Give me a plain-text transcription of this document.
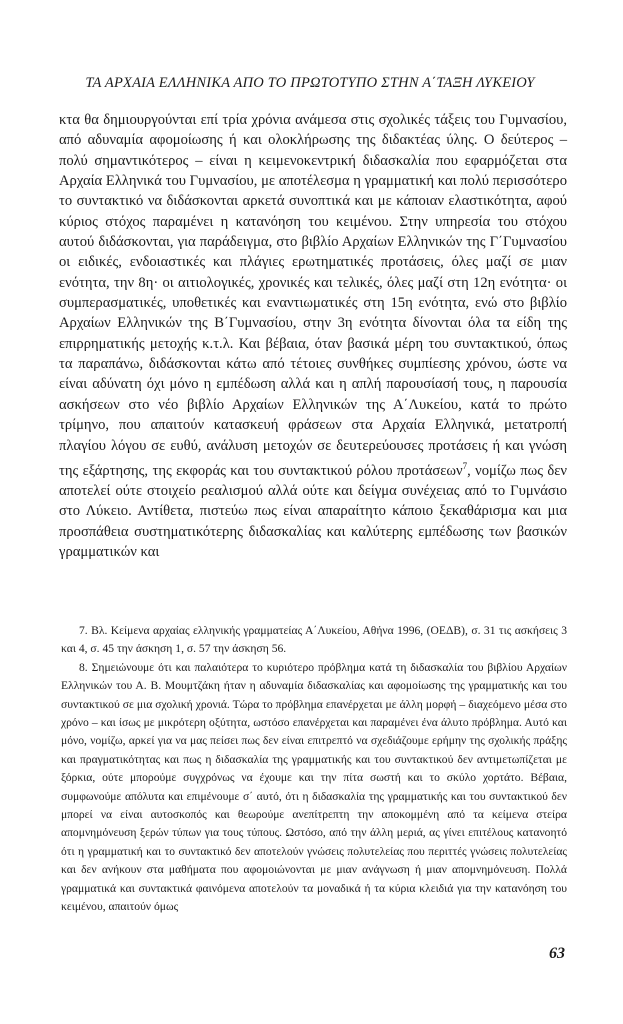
ΤΑ ΑΡΧΑΙΑ ΕΛΛΗΝΙΚΑ ΑΠΟ ΤΟ ΠΡΩΤΟΤΥΠΟ ΣΤΗΝ Α΄ΤΑΞΗ ΛΥΚΕΙΟΥ

κτα θα δημιουργούνται επί τρία χρόνια ανάμεσα στις σχολικές τάξεις του Γυμνασίου, από αδυναμία αφομοίωσης ή και ολοκλήρωσης της διδακτέας ύλης. Ο δεύτερος – πολύ σημαντικότερος – είναι η κειμενοκεντρική διδασκαλία που εφαρμόζεται στα Αρχαία Ελληνικά του Γυμνασίου, με αποτέλεσμα η γραμματική και πολύ περισσότερο το συντακτικό να διδάσκονται αρκετά συνοπτικά και με κάποιαν ελαστικότητα, αφού κύριος στόχος παραμένει η κατανόηση του κειμένου. Στην υπηρεσία του στόχου αυτού διδάσκονται, για παράδειγμα, στο βιβλίο Αρχαίων Ελληνικών της Γ΄Γυμνασίου οι ειδικές, ενδοιαστικές και πλάγιες ερωτηματικές προτάσεις, όλες μαζί σε μιαν ενότητα, την 8η· οι αιτιολογικές, χρονικές και τελικές, όλες μαζί στη 12η ενότητα· οι συμπερασματικές, υποθετικές και εναντιωματικές στη 15η ενότητα, ενώ στο βιβλίο Αρχαίων Ελληνικών της Β΄Γυμνασίου, στην 3η ενότητα δίνονται όλα τα είδη της επιρρηματικής μετοχής κ.τ.λ. Και βέβαια, όταν βασικά μέρη του συντακτικού, όπως τα παραπάνω, διδάσκονται κάτω από τέτοιες συνθήκες συμπίεσης χρόνου, ώστε να είναι αδύνατη όχι μόνο η εμπέδωση αλλά και η απλή παρουσίασή τους, η παρουσία ασκήσεων στο νέο βιβλίο Αρχαίων Ελληνικών της Α΄Λυκείου, κατά το πρώτο τρίμηνο, που απαιτούν κατασκευή φράσεων στα Αρχαία Ελληνικά, μετατροπή πλαγίου λόγου σε ευθύ, ανάλυση μετοχών σε δευτερεύουσες προτάσεις ή και γνώση της εξάρτησης, της εκφοράς και του συντακτικού ρόλου προτάσεων$^7$, νομίζω πως δεν αποτελεί ούτε στοιχείο ρεαλισμού αλλά ούτε και δείγμα συνέχειας από το Γυμνάσιο στο Λύκειο. Αντίθετα, πιστεύω πως είναι απαραίτητο κάποιο ξεκαθάρισμα και μια προσπάθεια συστηματικότερης διδασκαλίας και καλύτερης εμπέδωσης των βασικών γραμματικών και

7. Βλ. Κείμενα αρχαίας ελληνικής γραμματείας Α΄Λυκείου, Αθήνα 1996, (ΟΕΔΒ), σ. 31 τις ασκήσεις 3 και 4, σ. 45 την άσκηση 1, σ. 57 την άσκηση 56.

8. Σημειώνουμε ότι και παλαιότερα το κυριότερο πρόβλημα κατά τη διδασκαλία του βιβλίου Αρχαίων Ελληνικών του Α. Β. Μουμτζάκη ήταν η αδυναμία διδασκαλίας και αφομοίωσης της γραμματικής και του συντακτικού σε μια σχολική χρονιά. Τώρα το πρόβλημα επανέρχεται με άλλη μορφή – διαχεόμενο μέσα στο χρόνο – και ίσως με μικρότερη οξύτητα, ωστόσο επανέρχεται και παραμένει ένα άλυτο πρόβλημα. Αυτό και μόνο, νομίζω, αρκεί για να μας πείσει πως δεν είναι επιτρεπτό να σχεδιάζουμε ερήμην της σχολικής πράξης και πραγματικότητας και πως η διδασκαλία της γραμματικής και του συντακτικού δεν αντιμετωπίζεται με ξόρκια, ούτε μπορούμε συγχρόνως να έχουμε και την πίτα σωστή και το σκύλο χορτάτο. Βέβαια, συμφωνούμε απόλυτα και επιμένουμε σ΄ αυτό, ότι η διδασκαλία της γραμματικής και του συντακτικού δεν μπορεί να είναι αυτοσκοπός και θεωρούμε ανεπίτρεπτη την αποκομμένη από τα κείμενα στείρα απομνημόνευση ξερών τύπων για τους τύπους. Ωστόσο, από την άλλη μεριά, ας γίνει επιτέλους κατανοητό ότι η γραμματική και το συντακτικό δεν αποτελούν γνώσεις πολυτελείας που περιττές γνώσεις πολυτελείας και δεν ανήκουν στα μαθήματα που αφομοιώνονται με μιαν ανάγνωση ή μιαν απομνημόνευση. Πολλά γραμματικά και συντακτικά φαινόμενα αποτελούν τα μοναδικά ή τα κύρια κλειδιά για την κατανόηση του κειμένου, απαιτούν όμως

63
